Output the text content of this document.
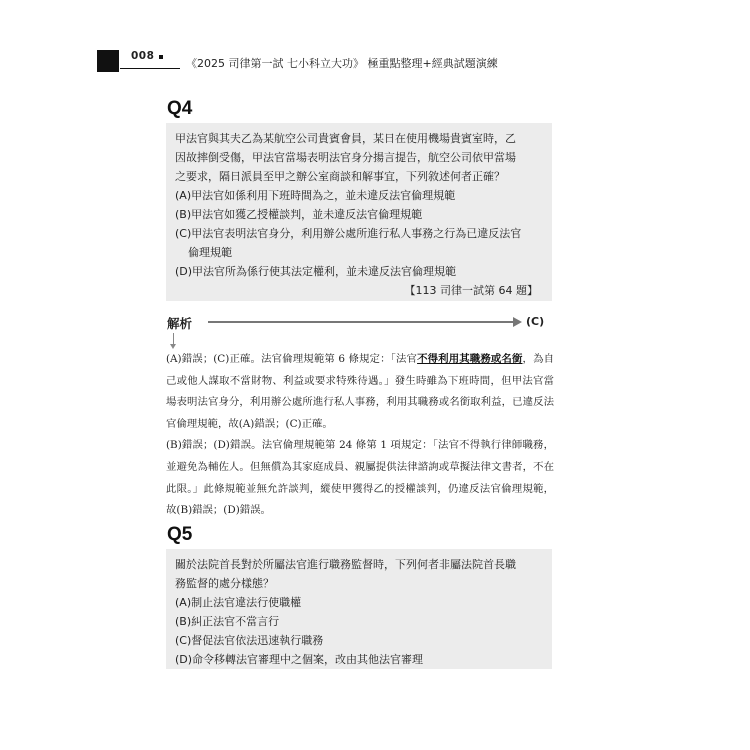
008
《2025 司律第一試 七小科立大功》 極重點整理+經典試題演練
Q4

甲法官與其夫乙為某航空公司貴賓會員，某日在使用機場貴賓室時，乙

因故摔倒受傷，甲法官當場表明法官身分揚言提告，航空公司依甲當場

之要求，隔日派員至甲之辦公室商談和解事宜，下列敘述何者正確？

(A)甲法官如係利用下班時間為之，並未違反法官倫理規範

(B)甲法官如獲乙授權談判，並未違反法官倫理規範

(C)甲法官表明法官身分，利用辦公處所進行私人事務之行為已違反法官

倫理規範

(D)甲法官所為係行使其法定權利，並未違反法官倫理規範

【113 司律一試第 64 題】

解析	(C)

(A)錯誤；(C)正確。法官倫理規範第 6 條規定：「法官不得利用其職務或名銜，為自己或他人謀取不當財物、利益或要求特殊待遇。」發生時雖為下班時間，但甲法官當場表明法官身分，利用辦公處所進行私人事務，利用其職務或名銜取利益，已違反法官倫理規範，故(A)錯誤；(C)正確。

(B)錯誤；(D)錯誤。法官倫理規範第 24 條第 1 項規定：「法官不得執行律師職務，並避免為輔佐人。但無償為其家庭成員、親屬提供法律諮詢或草擬法律文書者，不在此限。」此條規範並無允許談判，縱使甲獲得乙的授權談判，仍違反法官倫理規範，故(B)錯誤；(D)錯誤。

Q5

關於法院首長對於所屬法官進行職務監督時，下列何者非屬法院首長職

務監督的處分樣態？

(A)制止法官違法行使職權

(B)糾正法官不當言行

(C)督促法官依法迅速執行職務

(D)命令移轉法官審理中之個案，改由其他法官審理
